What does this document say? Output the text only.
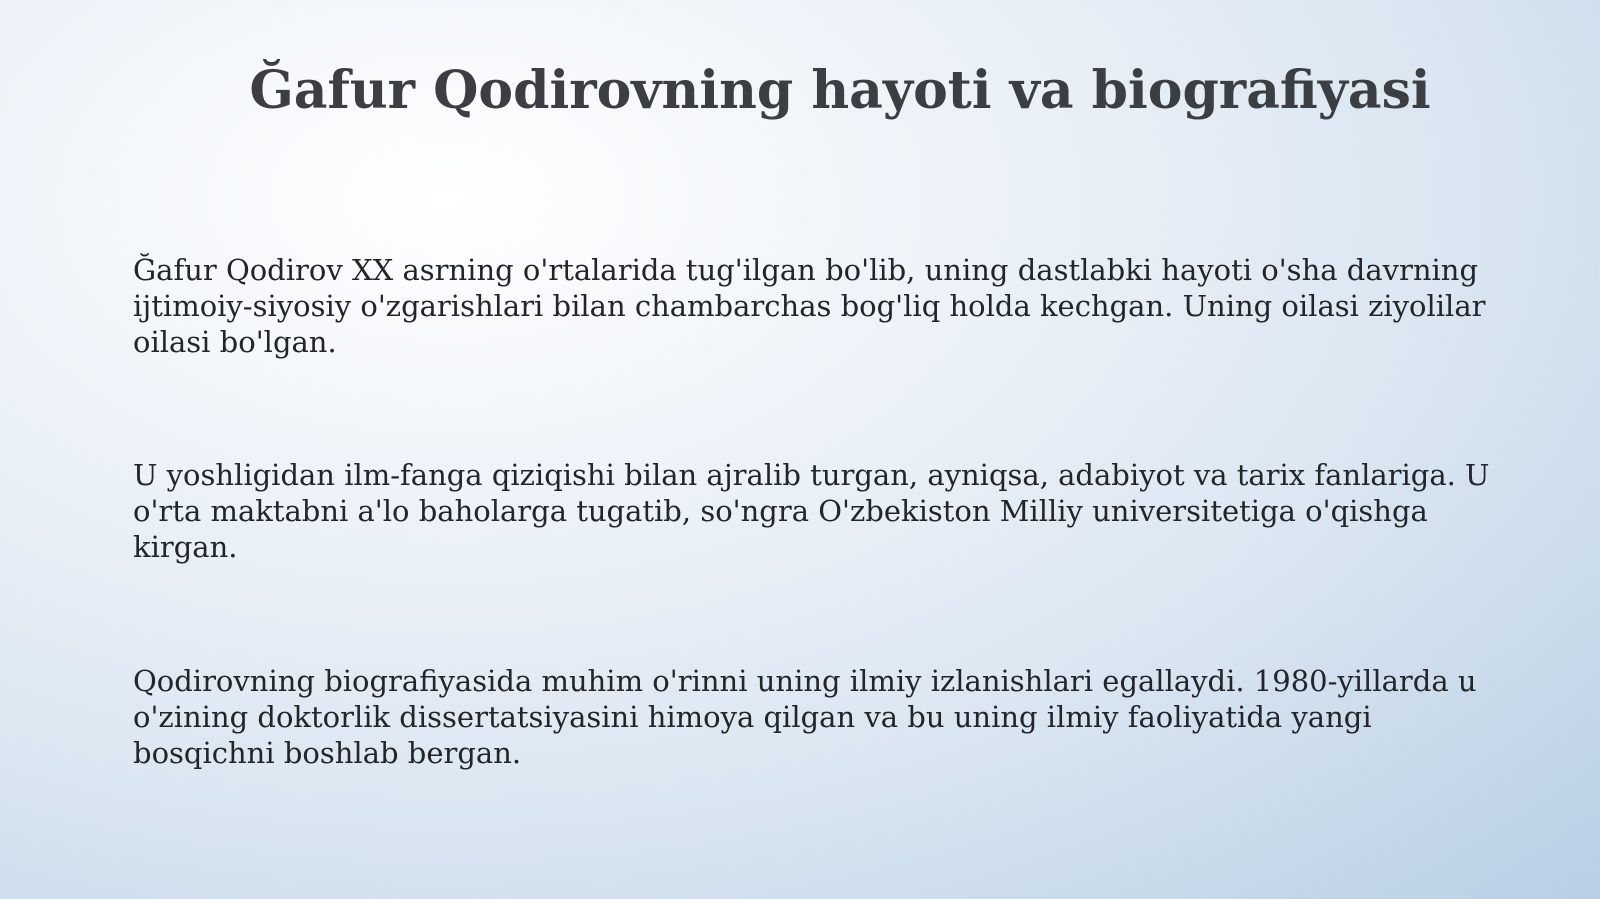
Ğafur Qodirovning hayoti va biografiyasi

Ğafur Qodirov XX asrning o'rtalarida tug'ilgan bo'lib, uning dastlabki hayoti o'sha davrning ijtimoiy-siyosiy o'zgarishlari bilan chambarchas bog'liq holda kechgan. Uning oilasi ziyolilar oilasi bo'lgan.

U yoshligidan ilm-fanga qiziqishi bilan ajralib turgan, ayniqsa, adabiyot va tarix fanlariga. U o'rta maktabni a'lo baholarga tugatib, so'ngra O'zbekiston Milliy universitetiga o'qishga kirgan.

Qodirovning biografiyasida muhim o'rinni uning ilmiy izlanishlari egallaydi. 1980-yillarda u o'zining doktorlik dissertatsiyasini himoya qilgan va bu uning ilmiy faoliyatida yangi bosqichni boshlab bergan.
